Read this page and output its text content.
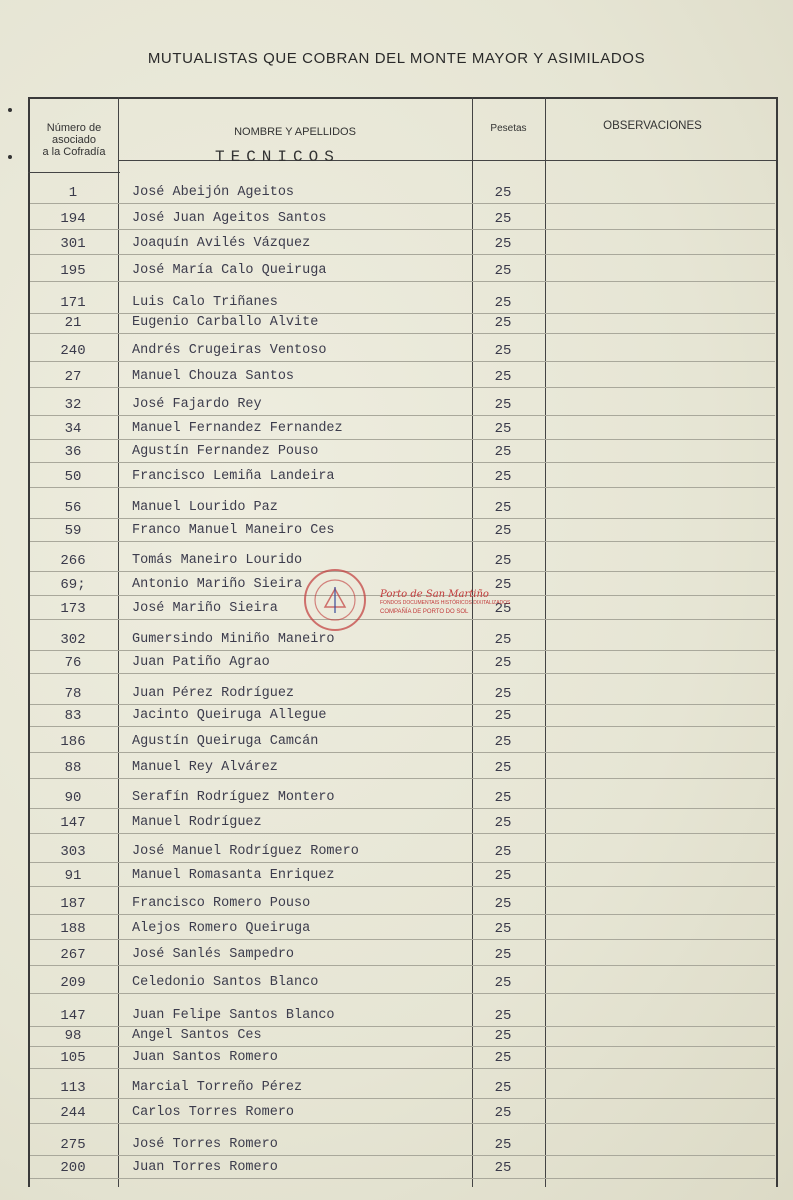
MUTUALISTAS QUE COBRAN DEL MONTE MAYOR Y ASIMILADOS
Número de
asociado
a la Cofradía
NOMBRE Y APELLIDOS	Pesetas	OBSERVACIONES
TECNICOS
1	José Abeijón Ageitos	25
194	José Juan Ageitos Santos	25
301	Joaquín Avilés Vázquez	25
195	José María Calo Queiruga	25
171	Luis Calo Triñanes	25
21	Eugenio Carballo Alvite	25
240	Andrés Crugeiras Ventoso	25
27	Manuel Chouza Santos	25
32	José Fajardo Rey	25
34	Manuel Fernandez Fernandez	25
36	Agustín Fernandez Pouso	25
50	Francisco Lemiña Landeira	25
56	Manuel Lourido Paz	25
59	Franco Manuel Maneiro Ces	25
266	Tomás Maneiro Lourido	25
69;	Antonio Mariño Sieira	25
173	José Mariño Sieira	25
302	Gumersindo Miniño Maneiro	25
76	Juan Patiño Agrao	25
78	Juan Pérez Rodríguez	25
83	Jacinto Queiruga Allegue	25
186	Agustín Queiruga Camcán	25
88	Manuel Rey Alvárez	25
90	Serafín Rodríguez Montero	25
147	Manuel Rodríguez	25
303	José Manuel Rodríguez Romero	25
91	Manuel Romasanta Enriquez	25
187	Francisco Romero Pouso	25
188	Alejos Romero Queiruga	25
267	José Sanlés Sampedro	25
209	Celedonio Santos Blanco	25
147	Juan Felipe Santos Blanco	25
98	Angel Santos Ces	25
105	Juan Santos Romero	25
113	Marcial Torreño Pérez	25
244	Carlos Torres Romero	25
275	José Torres Romero	25
200	Juan Torres Romero	25
Porto de San Martiño
FONDOS DOCUMENTAIS HISTÓRICOS DIXITALIZADOS
COMPAÑÍA DE PORTO DO SOL
